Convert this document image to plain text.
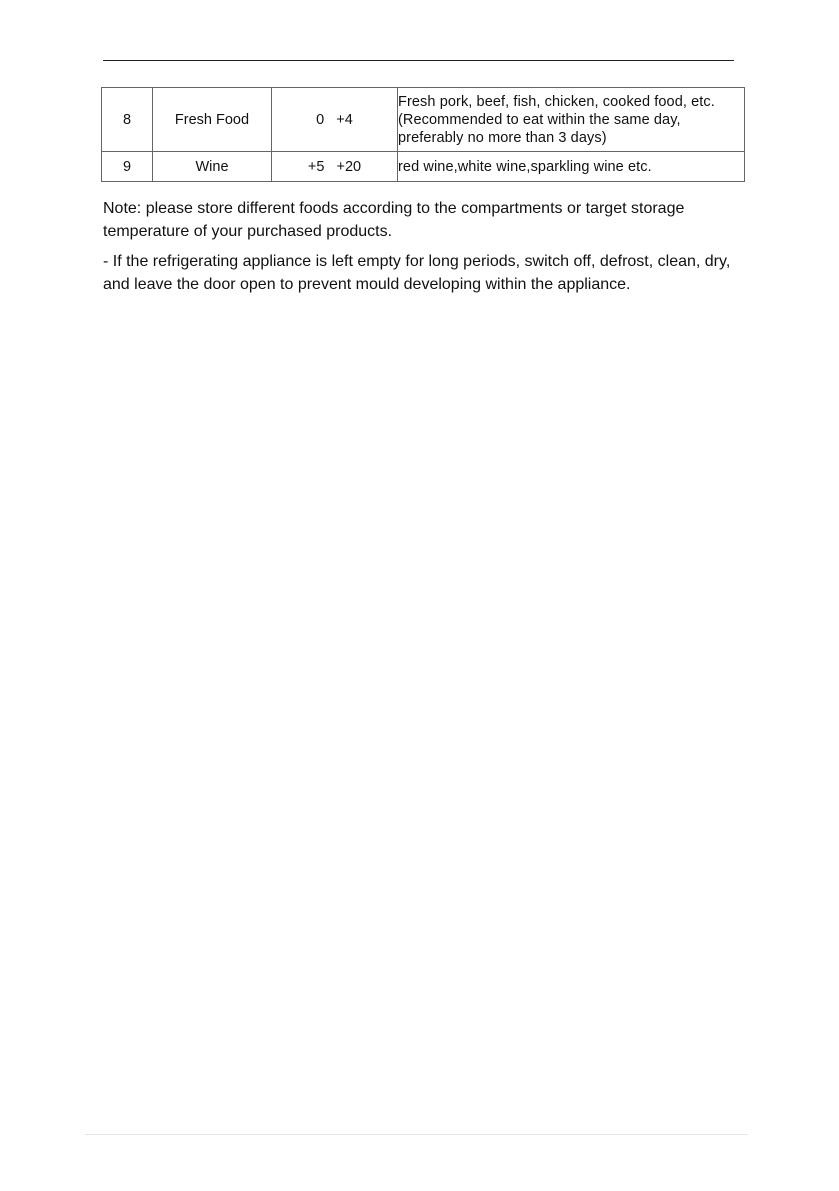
8	Fresh Food	0   +4	Fresh pork, beef, fish, chicken, cooked food, etc.
(Recommended to eat within the same day,
preferably no more than 3 days)

9	Wine	+5   +20	red wine,white wine,sparkling wine etc.

Note: please store different foods according to the compartments or target storage temperature of your purchased products.

- If the refrigerating appliance is left empty for long periods, switch off, defrost, clean, dry, and leave the door open to prevent mould developing within the appliance.
